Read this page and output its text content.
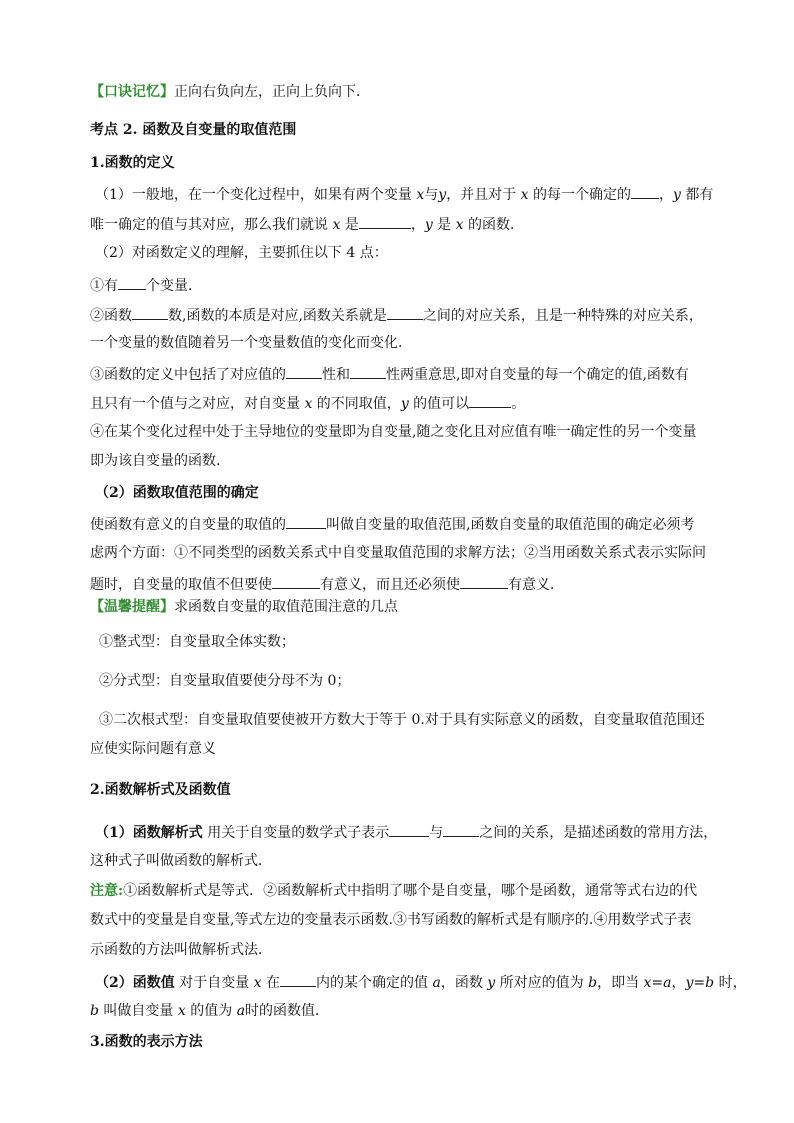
【口诀记忆】正向右负向左，正向上负向下．
考点 2. 函数及自变量的取值范围
1.函数的定义
（1）一般地，在一个变化过程中，如果有两个变量 x与y，并且对于 x 的每一个确定的 ，y 都有
唯一确定的值与其对应，那么我们就说 x 是	，y 是 x 的函数．
（2）对函数定义的理解，主要抓住以下 4 点：
①有 个变量．
②函数	数,函数的本质是对应,函数关系就是	之间的对应关系，且是一种特殊的对应关系，
一个变量的数值随着另一个变量数值的变化而变化．
③函数的定义中包括了对应值的	性和	性两重意思,即对自变量的每一个确定的值,函数有
且只有一个值与之对应，对自变量 x 的不同取值，y 的值可以	。
④在某个变化过程中处于主导地位的变量即为自变量,随之变化且对应值有唯一确定性的另一个变量
即为该自变量的函数.
（2）函数取值范围的确定
使函数有意义的自变量的取值的	叫做自变量的取值范围,函数自变量的取值范围的确定必须考
虑两个方面：①不同类型的函数关系式中自变量取值范围的求解方法；②当用函数关系式表示实际问
题时，自变量的取值不但要使	有意义，而且还必须使	有意义．
【温馨提醒】求函数自变量的取值范围注意的几点
①整式型：自变量取全体实数；
②分式型：自变量取值要使分母不为 0；
③二次根式型：自变量取值要使被开方数大于等于 0.对于具有实际意义的函数，自变量取值范围还
应使实际问题有意义
2.函数解析式及函数值
（1）函数解析式 用关于自变量的数学式子表示	与	之间的关系，是描述函数的常用方法，
这种式子叫做函数的解析式．
注意:①函数解析式是等式．②函数解析式中指明了哪个是自变量，哪个是函数，通常等式右边的代
数式中的变量是自变量,等式左边的变量表示函数.③书写函数的解析式是有顺序的.④用数学式子表
示函数的方法叫做解析式法．
（2）函数值 对于自变量 x 在	内的某个确定的值 a，函数 y 所对应的值为 b，即当 x=a，y=b 时，
b 叫做自变量 x 的值为 a时的函数值．
3.函数的表示方法
